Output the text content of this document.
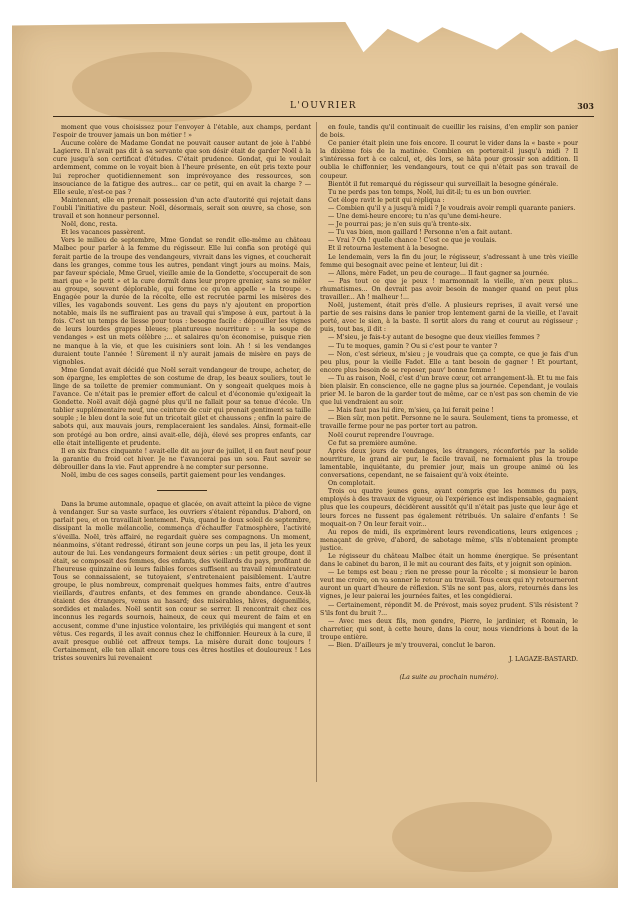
L'OUVRIER	303

moment que vous choisissez pour l'envoyer à l'étable, aux champs, perdant l'espoir de trouver jamais un bon métier ! »

Aucune colère de Madame Gondat ne pouvait causer autant de joie à l'abbé Lagierre. Il n'avait pas dit à sa servante que son désir était de garder Noël à la cure jusqu'à son certificat d'études. C'était prudence. Gondat, qui le voulait ardemment, comme on le voyait bien à l'heure présente, en eût pris texte pour lui reprocher quotidiennement son imprévoyance des ressources, son insouciance de la fatigue des autres... car ce petit, qui en avait la charge ? — Elle seule, n'est-ce pas ?

Maintenant, elle en prenait possession d'un acte d'autorité qui rejetait dans l'oubli l'initiative du pasteur. Noël, désormais, serait son œuvre, sa chose, son travail et son honneur personnel.

Noël, donc, resta.

Et les vacances passèrent.

Vers le milieu de septembre, Mme Gondat se rendit elle-même au château Malbec pour parler à la femme du régisseur. Elle lui confia son protégé qui ferait partie de la troupe des vendangeurs, vivrait dans les vignes, et coucherait dans les granges, comme tous les autres, pendant vingt jours au moins. Mais, par faveur spéciale, Mme Gruel, vieille amie de la Gondette, s'occuperait de son mari que « le petit » et la cure dormît dans leur propre grenier, sans se mêler au groupe, souvent déplorable, qui forme ce qu'on appelle « la troupe ». Engagée pour la durée de la récolte, elle est recrutée parmi les misères des villes, les vagabonds souvent. Les gens du pays n'y ajoutent en proportion notable, mais ils ne suffiraient pas au travail qui s'impose à eux, partout à la fois. C'est un temps de liesse pour tous : besogne facile : dépouiller les vignes de leurs lourdes grappes bleues; plantureuse nourriture : « la soupe de vendanges » est un mets célèbre ;... et salaires qu'on économise, puisque rien ne manque à la vie, et que les cuisiniers sont loin. Ah ! si les vendanges duraient toute l'année ! Sûrement il n'y aurait jamais de misère en pays de vignobles.

Mme Gondat avait décidé que Noël serait vendangeur de troupe, acheter, de son épargne, les emplettes de son costume de drap, les beaux souliers, tout le linge de sa toilette de premier communiant. On y songeait quelques mois à l'avance. Ce n'était pas le premier effort de calcul et d'économie qu'exigeait la Gondette. Noël avait déjà gagné plus qu'il ne fallait pour sa tenue d'école. Un tablier supplémentaire neuf, une ceinture de cuir qui prenait gentiment sa taille souple ; le bleu dont la soie fut un tricotait gilet et chaussons ; enfin la paire de sabots qui, aux mauvais jours, remplaceraient les sandales. Ainsi, formait-elle son protégé au bon ordre, ainsi avait-elle, déjà, élevé ses propres enfants, car elle était intelligente et prudente.

Il en six francs cinquante ! avait-elle dit au jour de juillet, il en faut neuf pour la garantie du froid cet hiver. Je ne t'avancerai pas un sou. Faut savoir se débrouiller dans la vie. Faut apprendre à ne compter sur personne.

Noël, imbu de ces sages conseils, partit gaiement pour les vendanges.

Dans la brume automnale, opaque et glacée, on avait atteint la pièce de vigne à vendanger. Sur sa vaste surface, les ouvriers s'étaient répandus. D'abord, on parlait peu, et on travaillait lentement. Puis, quand le doux soleil de septembre, dissipant la molle mélancolie, commença d'échauffer l'atmosphère, l'activité s'éveilla. Noël, très affairé, ne regardait guère ses compagnons. Un moment, néanmoins, s'étant redressé, étirant son jeune corps un peu las, il jeta les yeux autour de lui. Les vendangeurs formaient deux séries : un petit groupe, dont il était, se composait des femmes, des enfants, des vieillards du pays, profitant de l'heureuse quinzaine où leurs faibles forces suffisent au travail rémunérateur. Tous se connaissaient, se tutoyaient, s'entretenaient paisiblement. L'autre groupe, le plus nombreux, comprenait quelques hommes faits, entre d'autres vieillards, d'autres enfants, et des femmes en grande abondance. Ceux-là étaient des étrangers, venus au hasard; des misérables, hâves, déguenillés, sordides et malades. Noël sentit son cœur se serrer. Il rencontrait chez ces inconnus les regards sournois, haineux, de ceux qui meurent de faim et en accusent, comme d'une injustice volontaire, les privilégiés qui mangent et sont vêtus. Ces regards, il les avait connus chez le chiffonnier. Heureux à la cure, il avait presque oublié cet affreux temps. La misère durait donc toujours ! Certainement, elle ten allait encore tous ces êtres hostiles et douloureux ! Les tristes souvenirs lui revenaient

en foule, tandis qu'il continuait de cueillir les raisins, d'en emplir son panier de bois.

Ce panier était plein une fois encore. Il courut le vider dans la « baste » pour la dixième fois de la matinée. Combien en porterait-il jusqu'à midi ? Il s'intéressa fort à ce calcul, et, dès lors, se hâta pour grossir son addition. Il oublia le chiffonnier, les vendangeurs, tout ce qui n'était pas son travail de coupeur.

Bientôt il fut remarqué du régisseur qui surveillait la besogne générale.

Tu ne perds pas ton temps, Noël, lui dit-il; tu es un bon ouvrier.

Cet éloge ravit le petit qui répliqua :

— Combien qu'il y a jusqu'à midi ? Je voudrais avoir rempli quarante paniers.

— Une demi-heure encore; tu n'as qu'une demi-heure.

— Je pourrai pas; je n'en suis qu'à trente-six.

— Tu vas bien, mon gaillard ! Personne n'en a fait autant.

— Vrai ? Oh ! quelle chance ! C'est ce que je voulais.

Et il retourna lestement à la besogne.

Le lendemain, vers la fin du jour, le régisseur, s'adressant à une très vieille femme qui besognait avec peine et lenteur, lui dit :

— Allons, mère Fadet, un peu de courage... Il faut gagner sa journée.

— Pas tout ce que je peux ! marmonnait la vieille, n'en peux plus... rhumatismes... On devrait pas avoir besoin de manger quand on peut plus travailler... Ah ! malheur !...

Noël, justement, était près d'elle. A plusieurs reprises, il avait versé une partie de ses raisins dans le panier trop lentement garni de la vieille, et l'avait porté, avec le sien, à la baste. Il sortit alors du rang et courut au régisseur ; puis, tout bas, il dit :

— M'sieu, je fais-t-y autant de besogne que deux vieilles femmes ?

— Tu te moques, gamin ? Ou si c'est pour te vanter ?

— Non, c'est sérieux, m'sieu ; je voudrais que ça compte, ce que je fais d'un peu plus, pour la vieille Fadet. Elle a tant besoin de gagner ! Et pourtant, encore plus besoin de se reposer, pauv' bonne femme !

— Tu as raison, Noël, c'est d'un brave cœur, cet arrangement-là. Et tu me fais bien plaisir. En conscience, elle ne gagne plus sa journée. Cependant, je voulais prier M. le baron de la garder tout de même, car ce n'est pas son chemin de vie que lui vendraient au soir.

— Mais faut pas lui dire, m'sieu, ça lui ferait peine !

— Bien sûr, mon petit. Personne ne le saura. Seulement, tiens ta promesse, et travaille ferme pour ne pas porter tort au patron.

Noël courut reprendre l'ouvrage.

Ce fut sa première aumône.

Après deux jours de vendanges, les étrangers, réconfortés par la solide nourriture, le grand air pur, le facile travail, ne formaient plus la troupe lamentable, inquiétante, du premier jour, mais un groupe animé où les conversations, cependant, ne se faisaient qu'à voix éteinte.

On complotait.

Trois ou quatre jeunes gens, ayant compris que les hommes du pays, employés à des travaux de vigueur, où l'expérience est indispensable, gagnaient plus que les coupeurs, décidèrent aussitôt qu'il n'était pas juste que leur âge et leurs forces ne fussent pas également rétribués. Un salaire d'enfants ! Se moquait-on ? On leur ferait voir...

Au repos de midi, ils exprimèrent leurs revendications, leurs exigences ; menaçant de grève, d'abord, de sabotage même, s'ils n'obtenaient prompte justice.

Le régisseur du château Malbec était un homme énergique. Se présentant dans le cabinet du baron, il le mit au courant des faits, et y joignit son opinion.

— Le temps est beau ; rien ne presse pour la récolte ; si monsieur le baron veut me croire, on va sonner le retour au travail. Tous ceux qui n'y retourneront auront un quart d'heure de réflexion. S'ils ne sont pas, alors, retournés dans les vignes, je leur paierai les journées faites, et les congédierai.

— Certainement, répondit M. de Prévost, mais soyez prudent. S'ils résistent ? S'ils font du bruit ?...

— Avec mes deux fils, mon gendre, Pierre, le jardinier, et Romain, le charretier, qui sont, à cette heure, dans la cour, nous viendrions à bout de la troupe entière.

— Bien. D'ailleurs je m'y trouverai, conclut le baron.

J. LAGAZE-BASTARD.
(La suite au prochain numéro).
